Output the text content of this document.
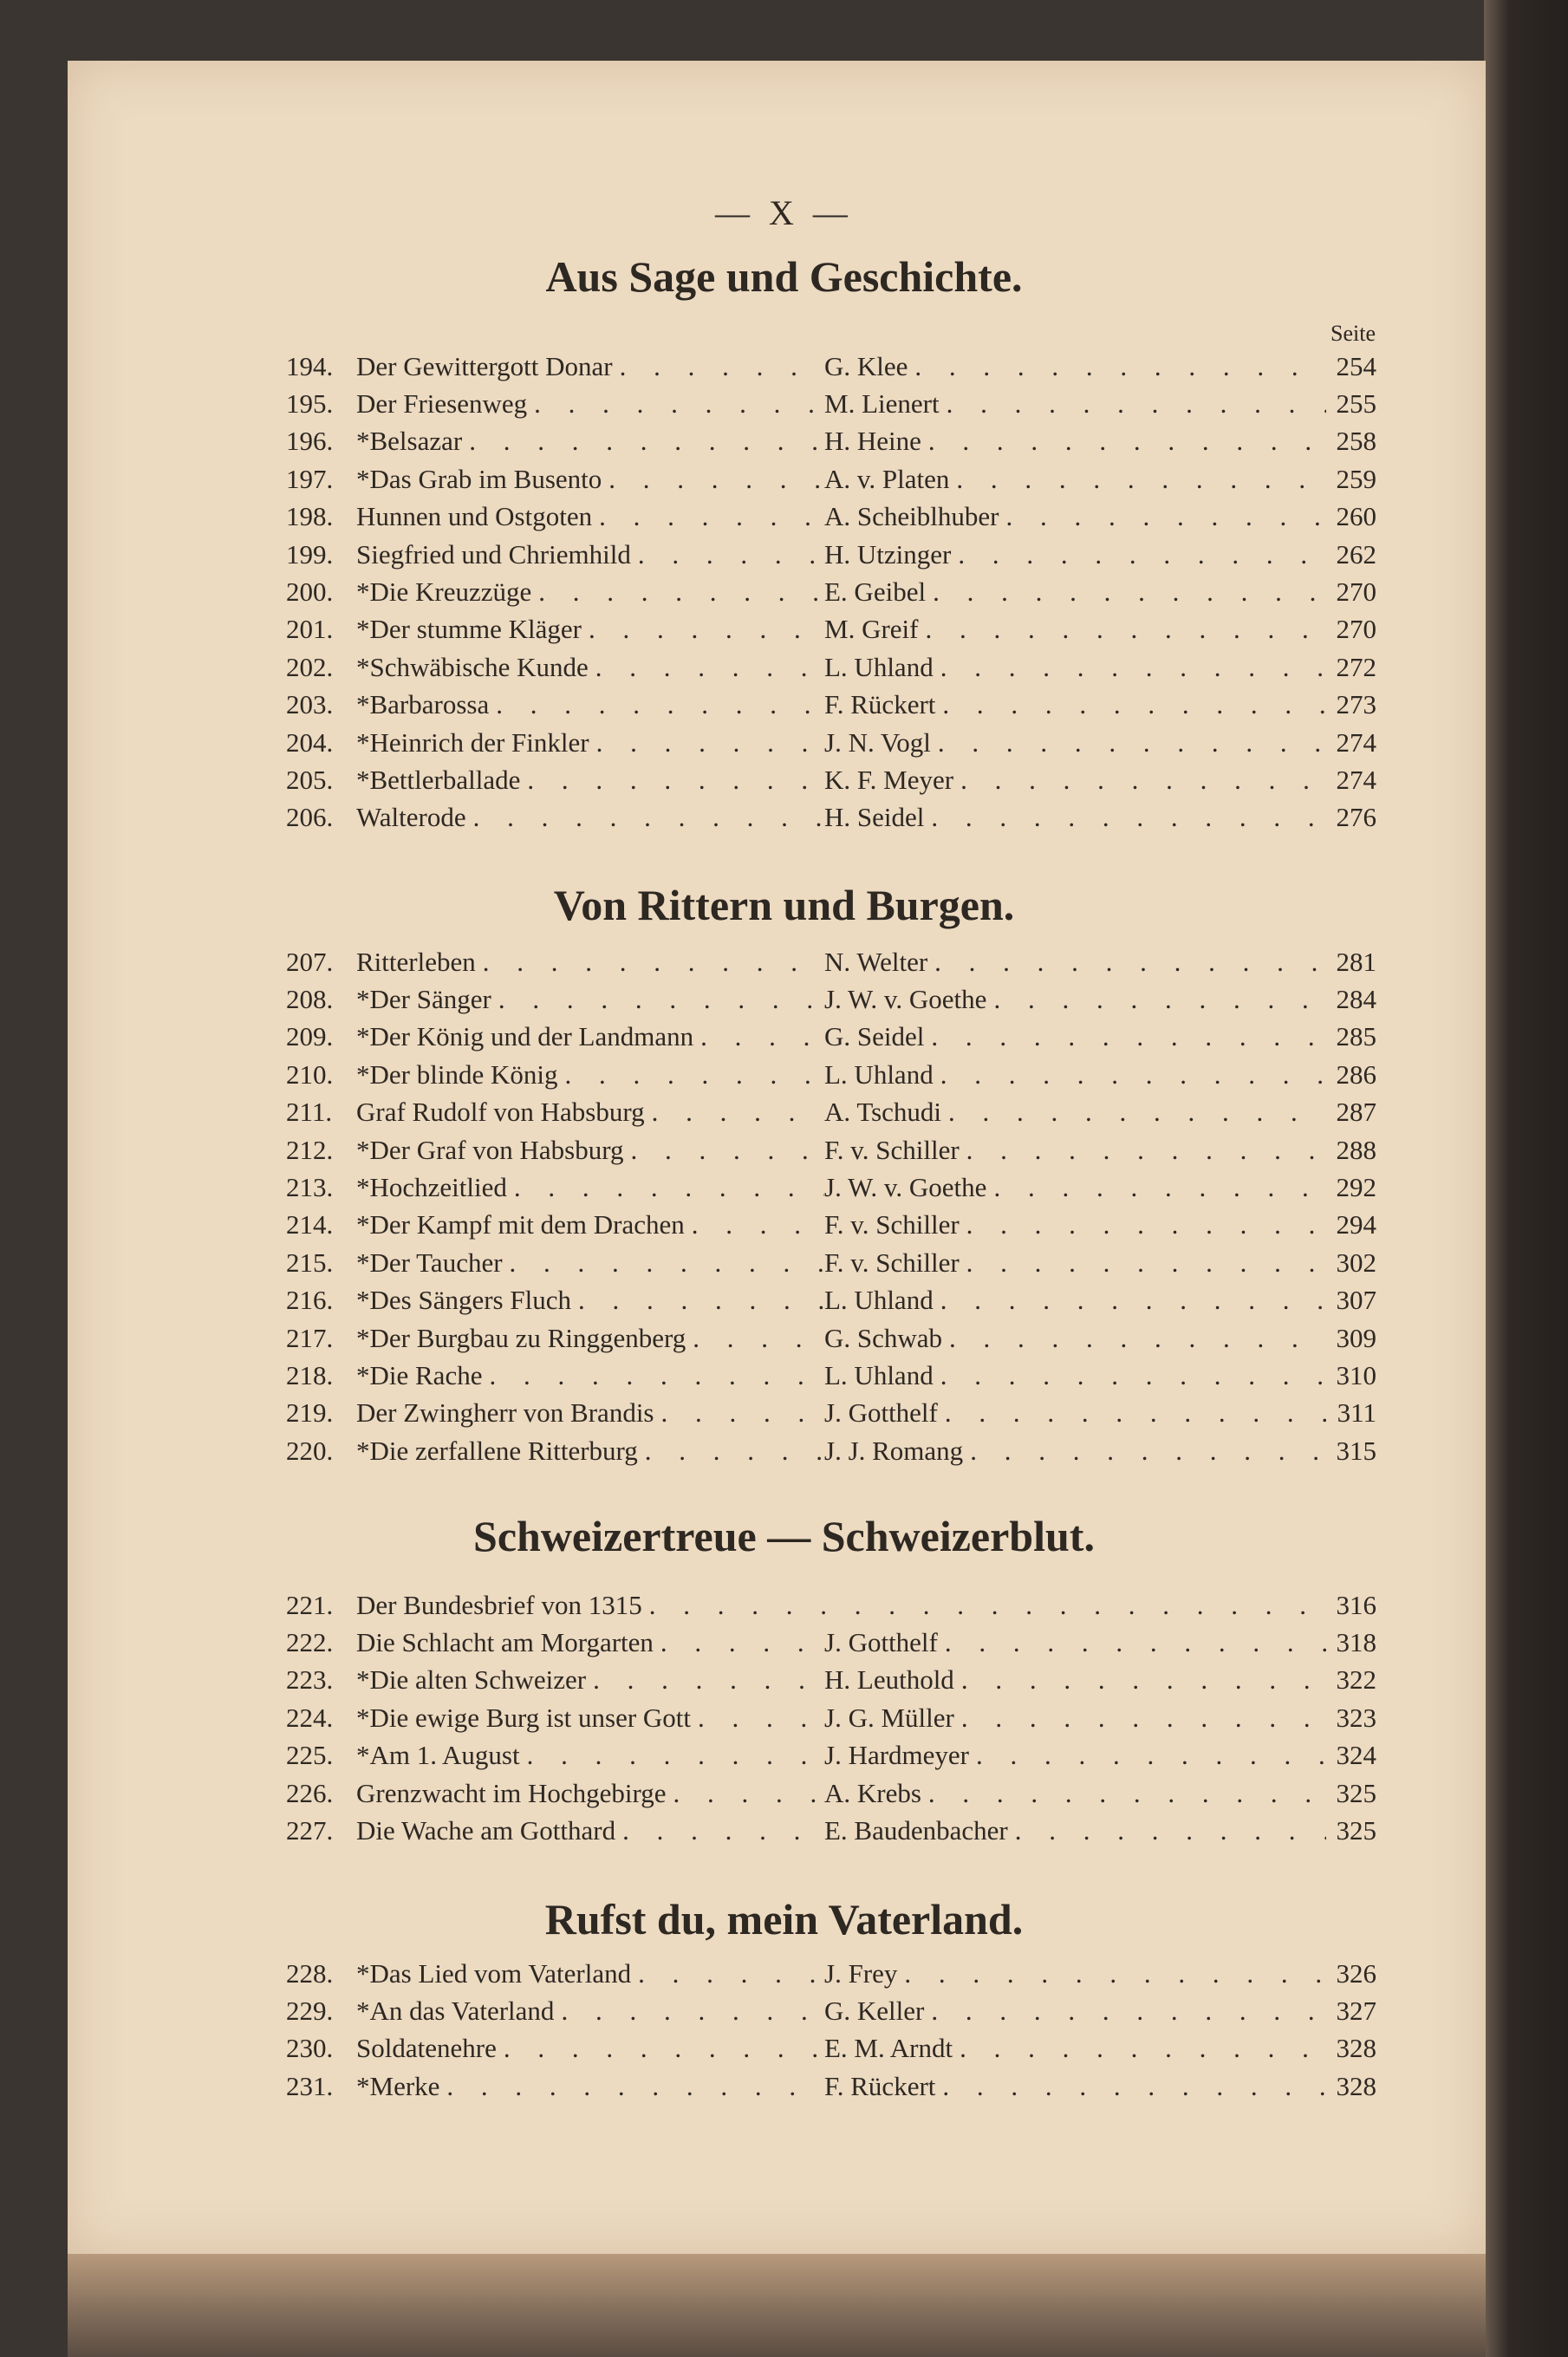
— X —
Seite
Aus Sage und Geschichte.
194. Der Gewittergott Donar . . .	G. Klee . . .	254
195. Der Friesenweg . . .	M. Lienert . . .	255
196. *Belsazar . . .	H. Heine . . .	258
197. *Das Grab im Busento . . .	A. v. Platen . . .	259
198. Hunnen und Ostgoten . . .	A. Scheiblhuber . . .	260
199. Siegfried und Chriemhild . . .	H. Utzinger . . .	262
200. *Die Kreuzzüge . . .	E. Geibel . . .	270
201. *Der stumme Kläger . . .	M. Greif . . .	270
202. *Schwäbische Kunde . . .	L. Uhland . . .	272
203. *Barbarossa . . .	F. Rückert . . .	273
204. *Heinrich der Finkler . . .	J. N. Vogl . . .	274
205. *Bettlerballade . . .	K. F. Meyer . . .	274
206. Walterode . . .	H. Seidel . . .	276
Von Rittern und Burgen.
207. Ritterleben . . .	N. Welter . . .	281
208. *Der Sänger . . .	J. W. v. Goethe . . .	284
209. *Der König und der Landmann . . .	G. Seidel . . .	285
210. *Der blinde König . . .	L. Uhland . . .	286
211. Graf Rudolf von Habsburg . . .	A. Tschudi . . .	287
212. *Der Graf von Habsburg . . .	F. v. Schiller . . .	288
213. *Hochzeitlied . . .	J. W. v. Goethe . . .	292
214. *Der Kampf mit dem Drachen . . .	F. v. Schiller . . .	294
215. *Der Taucher . . .	F. v. Schiller . . .	302
216. *Des Sängers Fluch . . .	L. Uhland . . .	307
217. *Der Burgbau zu Ringgenberg . . .	G. Schwab . . .	309
218. *Die Rache . . .	L. Uhland . . .	310
219. Der Zwingherr von Brandis . . .	J. Gotthelf . . .	311
220. *Die zerfallene Ritterburg . . .	J. J. Romang . . .	315
Schweizertreue — Schweizerblut.
221. Der Bundesbrief von 1315 . . .	316
222. Die Schlacht am Morgarten . . .	J. Gotthelf . . .	318
223. *Die alten Schweizer . . .	H. Leuthold . . .	322
224. *Die ewige Burg ist unser Gott . . .	J. G. Müller . . .	323
225. *Am 1. August . . .	J. Hardmeyer . . .	324
226. Grenzwacht im Hochgebirge . . .	A. Krebs . . .	325
227. Die Wache am Gotthard . . .	E. Baudenbacher . . .	325
Rufst du, mein Vaterland.
228. *Das Lied vom Vaterland . . .	J. Frey . . .	326
229. *An das Vaterland . . .	G. Keller . . .	327
230. Soldatenehre . . .	E. M. Arndt . . .	328
231. *Merke . . .	F. Rückert . . .	328
